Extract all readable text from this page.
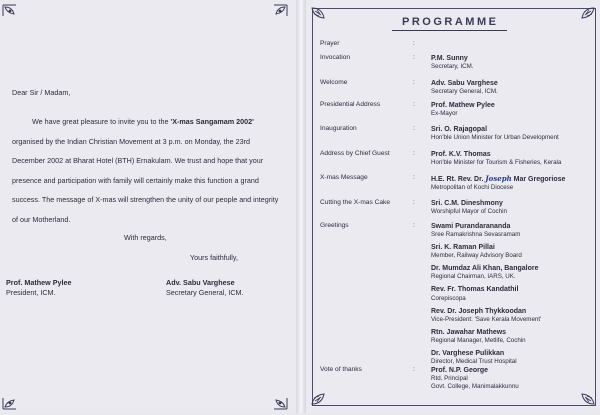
Dear Sir / Madam,

We have great pleasure to invite you to the 'X-mas Sangamam 2002' organised by the Indian Christian Movement at 3 p.m. on Monday, the 23rd December 2002 at Bharat Hotel (BTH) Ernakulam. We trust and hope that your presence and participation with family will certainly make this function a grand success. The message of X-mas will strengthen the unity of our people and integrity of our Motherland.

With regards,
Yours faithfully,
Prof. Mathew Pylee
President, ICM.
Adv. Sabu Varghese
Secretary General, ICM.
PROGRAMME
Prayer	:
Invocation	: P.M. Sunny
Secretary, ICM.
Welcome	: Adv. Sabu Varghese
Secretary General, ICM.
Presidential Address	: Prof. Mathew Pylee
Ex-Mayor
Inauguration	: Sri. O. Rajagopal
Hon'ble Union Minister for Urban Development
Address by Chief Guest	: Prof. K.V. Thomas
Hon'ble Minister for Tourism & Fisheries, Kerala
X-mas Message	: H.E. Rt. Rev. Dr. Joseph Mar Gregoriose
Metropolitan of Kochi Diocese
Cutting the X-mas Cake	: Sri. C.M. Dineshmony
Worshipful Mayor of Cochin
Greetings	: Swami Purandarananda
Sree Ramakrishna Sevasramam
Sri. K. Raman Pillai
Member, Railway Advisory Board
Dr. Mumdaz Ali Khan, Bangalore
Regional Chairman, IARS, UK.
Rev. Fr. Thomas Kandathil
Corepiscopa
Rev. Dr. Joseph Thykkoodan
Vice-President: 'Save Kerala Movement'
Rtn. Jawahar Mathews
Regional Manager, Metlife, Cochin
Dr. Varghese Pulikkan
Director, Medical Trust Hospital
Vote of thanks	: Prof. N.P. George
Rtd. Principal
Govt. College, Manimalakkunnu
